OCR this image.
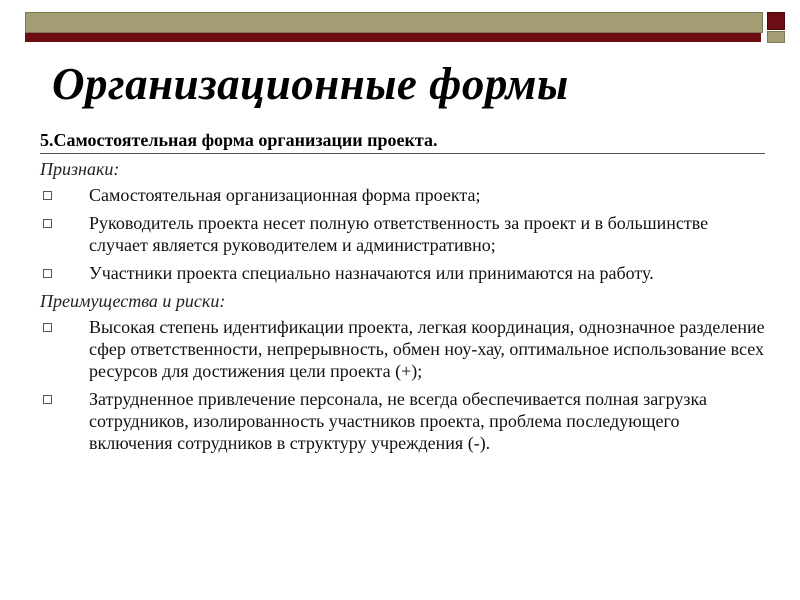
Организационные формы
5.Самостоятельная форма организации проекта.
Признаки:
Самостоятельная организационная форма проекта;
Руководитель проекта несет полную ответственность за проект и в большинстве случает является руководителем и административно;
Участники проекта специально назначаются или принимаются на работу.
Преимущества и риски:
Высокая степень идентификации проекта, легкая координация, однозначное разделение сфер ответственности, непрерывность, обмен ноу-хау, оптимальное использование всех ресурсов для достижения цели проекта (+);
Затрудненное привлечение персонала, не всегда обеспечивается полная загрузка сотрудников, изолированность участников проекта, проблема последующего включения сотрудников в структуру учреждения (-).
